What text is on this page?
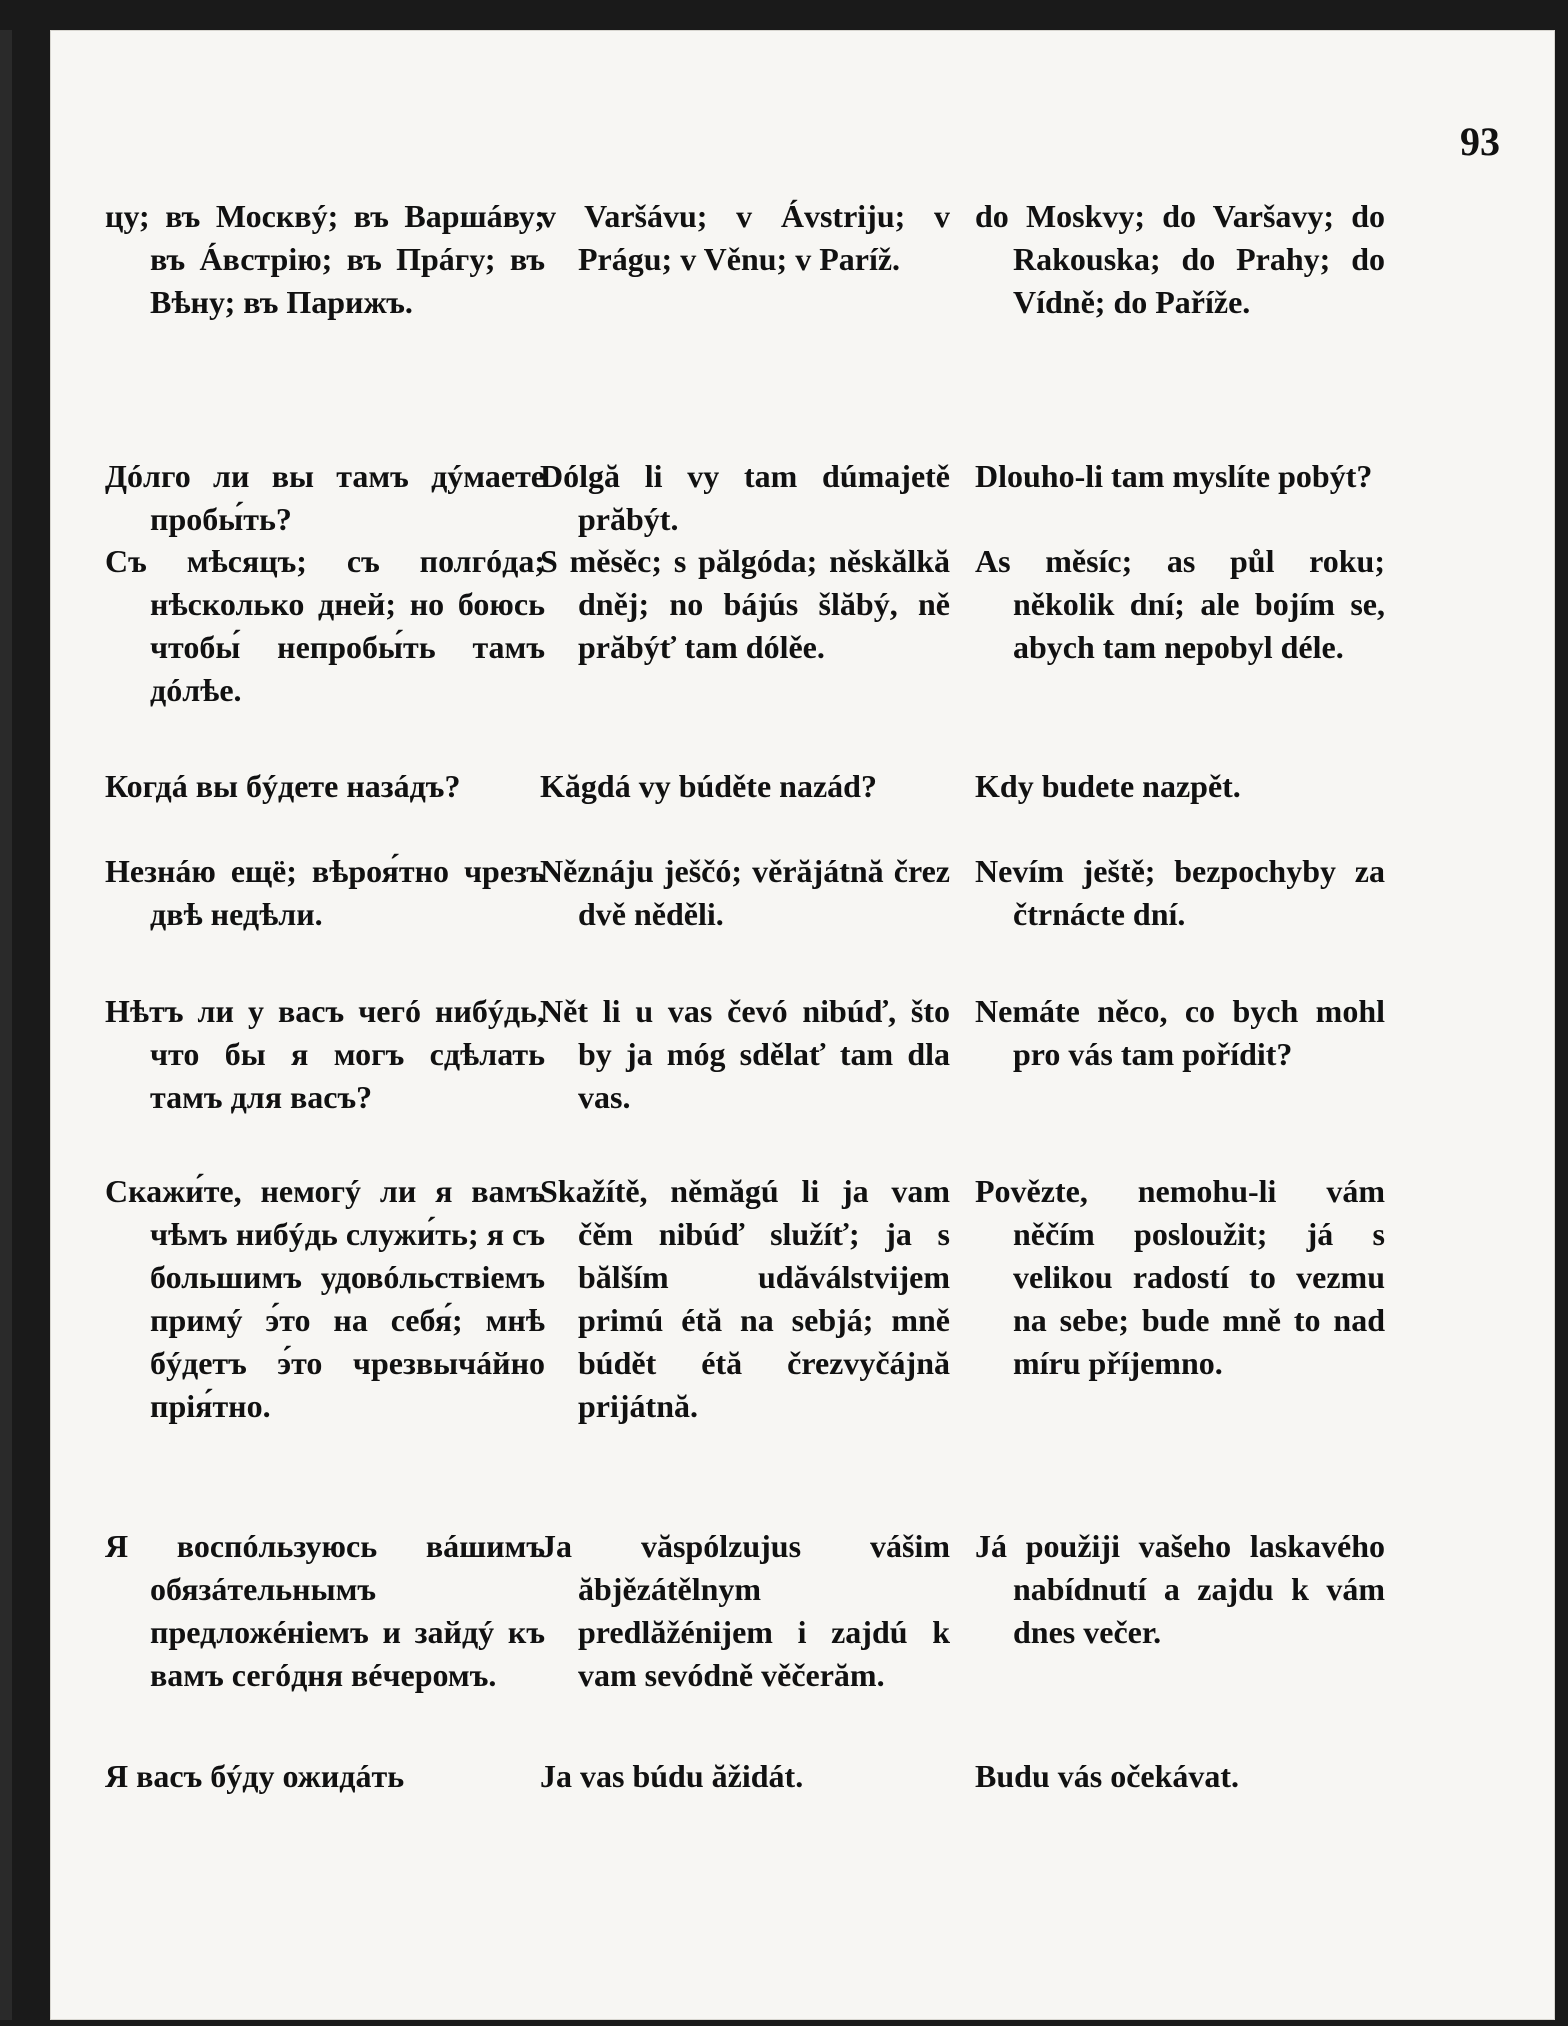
93
цу; въ Москвý; въ Варшáву; въ Áвстрію; въ Прáгу; въ Вѣну; въ Парижъ.
Дóлго ли вы тамъ дýмаете пробы́ть?
Съ мѣсяцъ; съ полгóда; нѣсколько дней; но боюсь чтобы́ непробы́ть тамъ дóлѣе.
Когдá вы бýдете назáдъ?
Незнáю ещё; вѣроя́тно чрезъ двѣ недѣли.
Нѣтъ ли у васъ чегó нибýдь, что бы я могъ сдѣлать тамъ для васъ?
Скажи́те, немогý ли я вамъ чѣмъ нибýдь служи́ть; я съ большимъ удовóльствіемъ примý э́то на себя́; мнѣ бýдетъ э́то чрезвычáйно прія́тно.
Я воспóльзуюсь вáшимъ обязáтельнымъ предложéніемъ и зайдý къ вамъ сегóдня вéчеромъ.
Я васъ бýду ожидáть
v Varšávu; v Ávstriju; v Prágu; v Věnu; v Paríž.
Dólgă li vy tam dúmajetě prăbýt.
S měsěc; s pălgóda; něskălkă dněj; no bájús šlăbý, ně prăbýť tam dólěe.
Kăgdá vy búděte nazád?
Něznáju ješčó; věrăjátnă črez dvě něděli.
Nět li u vas čevó nibúď, što by ja móg sdělať tam dla vas.
Skažítě, němăgú li ja vam čěm nibúď služíť; ja s bălším udăválstvijem primú étă na sebjá; mně búdět étă črezvyčájnă prijátnă.
Ja văspólzujus vášim ăbjězátělnym predlăžénijem i zajdú k vam sevódně věčerăm.
Ja vas búdu ăžidát.
do Moskvy; do Varšavy; do Rakouska; do Prahy; do Vídně; do Paříže.
Dlouho-li tam myslíte pobýt?
As měsíc; as půl roku; několik dní; ale bojím se, abych tam nepobyl déle.
Kdy budete nazpět.
Nevím ještě; bezpochyby za čtrnácte dní.
Nemáte něco, co bych mohl pro vás tam pořídit?
Povězte, nemohu-li vám něčím posloužit; já s velikou radostí to vezmu na sebe; bude mně to nad míru příjemno.
Já použiji vašeho laskavého nabídnutí a zajdu k vám dnes večer.
Budu vás očekávat.
